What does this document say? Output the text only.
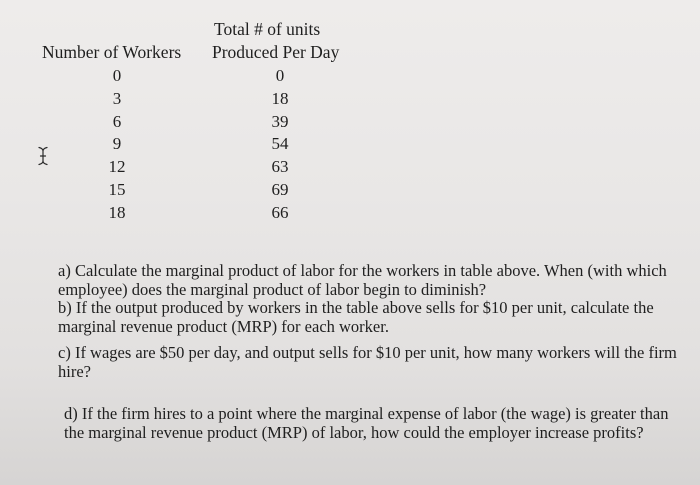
Total # of units
Number of Workers Produced Per Day
0
3
6
9
12
15
18
0
18
39
54
63
69
66
a) Calculate the marginal product of labor for the workers in table above. When (with which employee) does the marginal product of labor begin to diminish?
b) If the output produced by workers in the table above sells for $10 per unit, calculate the marginal revenue product (MRP) for each worker.
c) If wages are $50 per day, and output sells for $10 per unit, how many workers will the firm hire?
d) If the firm hires to a point where the marginal expense of labor (the wage) is greater than the marginal revenue product (MRP) of labor, how could the employer increase profits?
